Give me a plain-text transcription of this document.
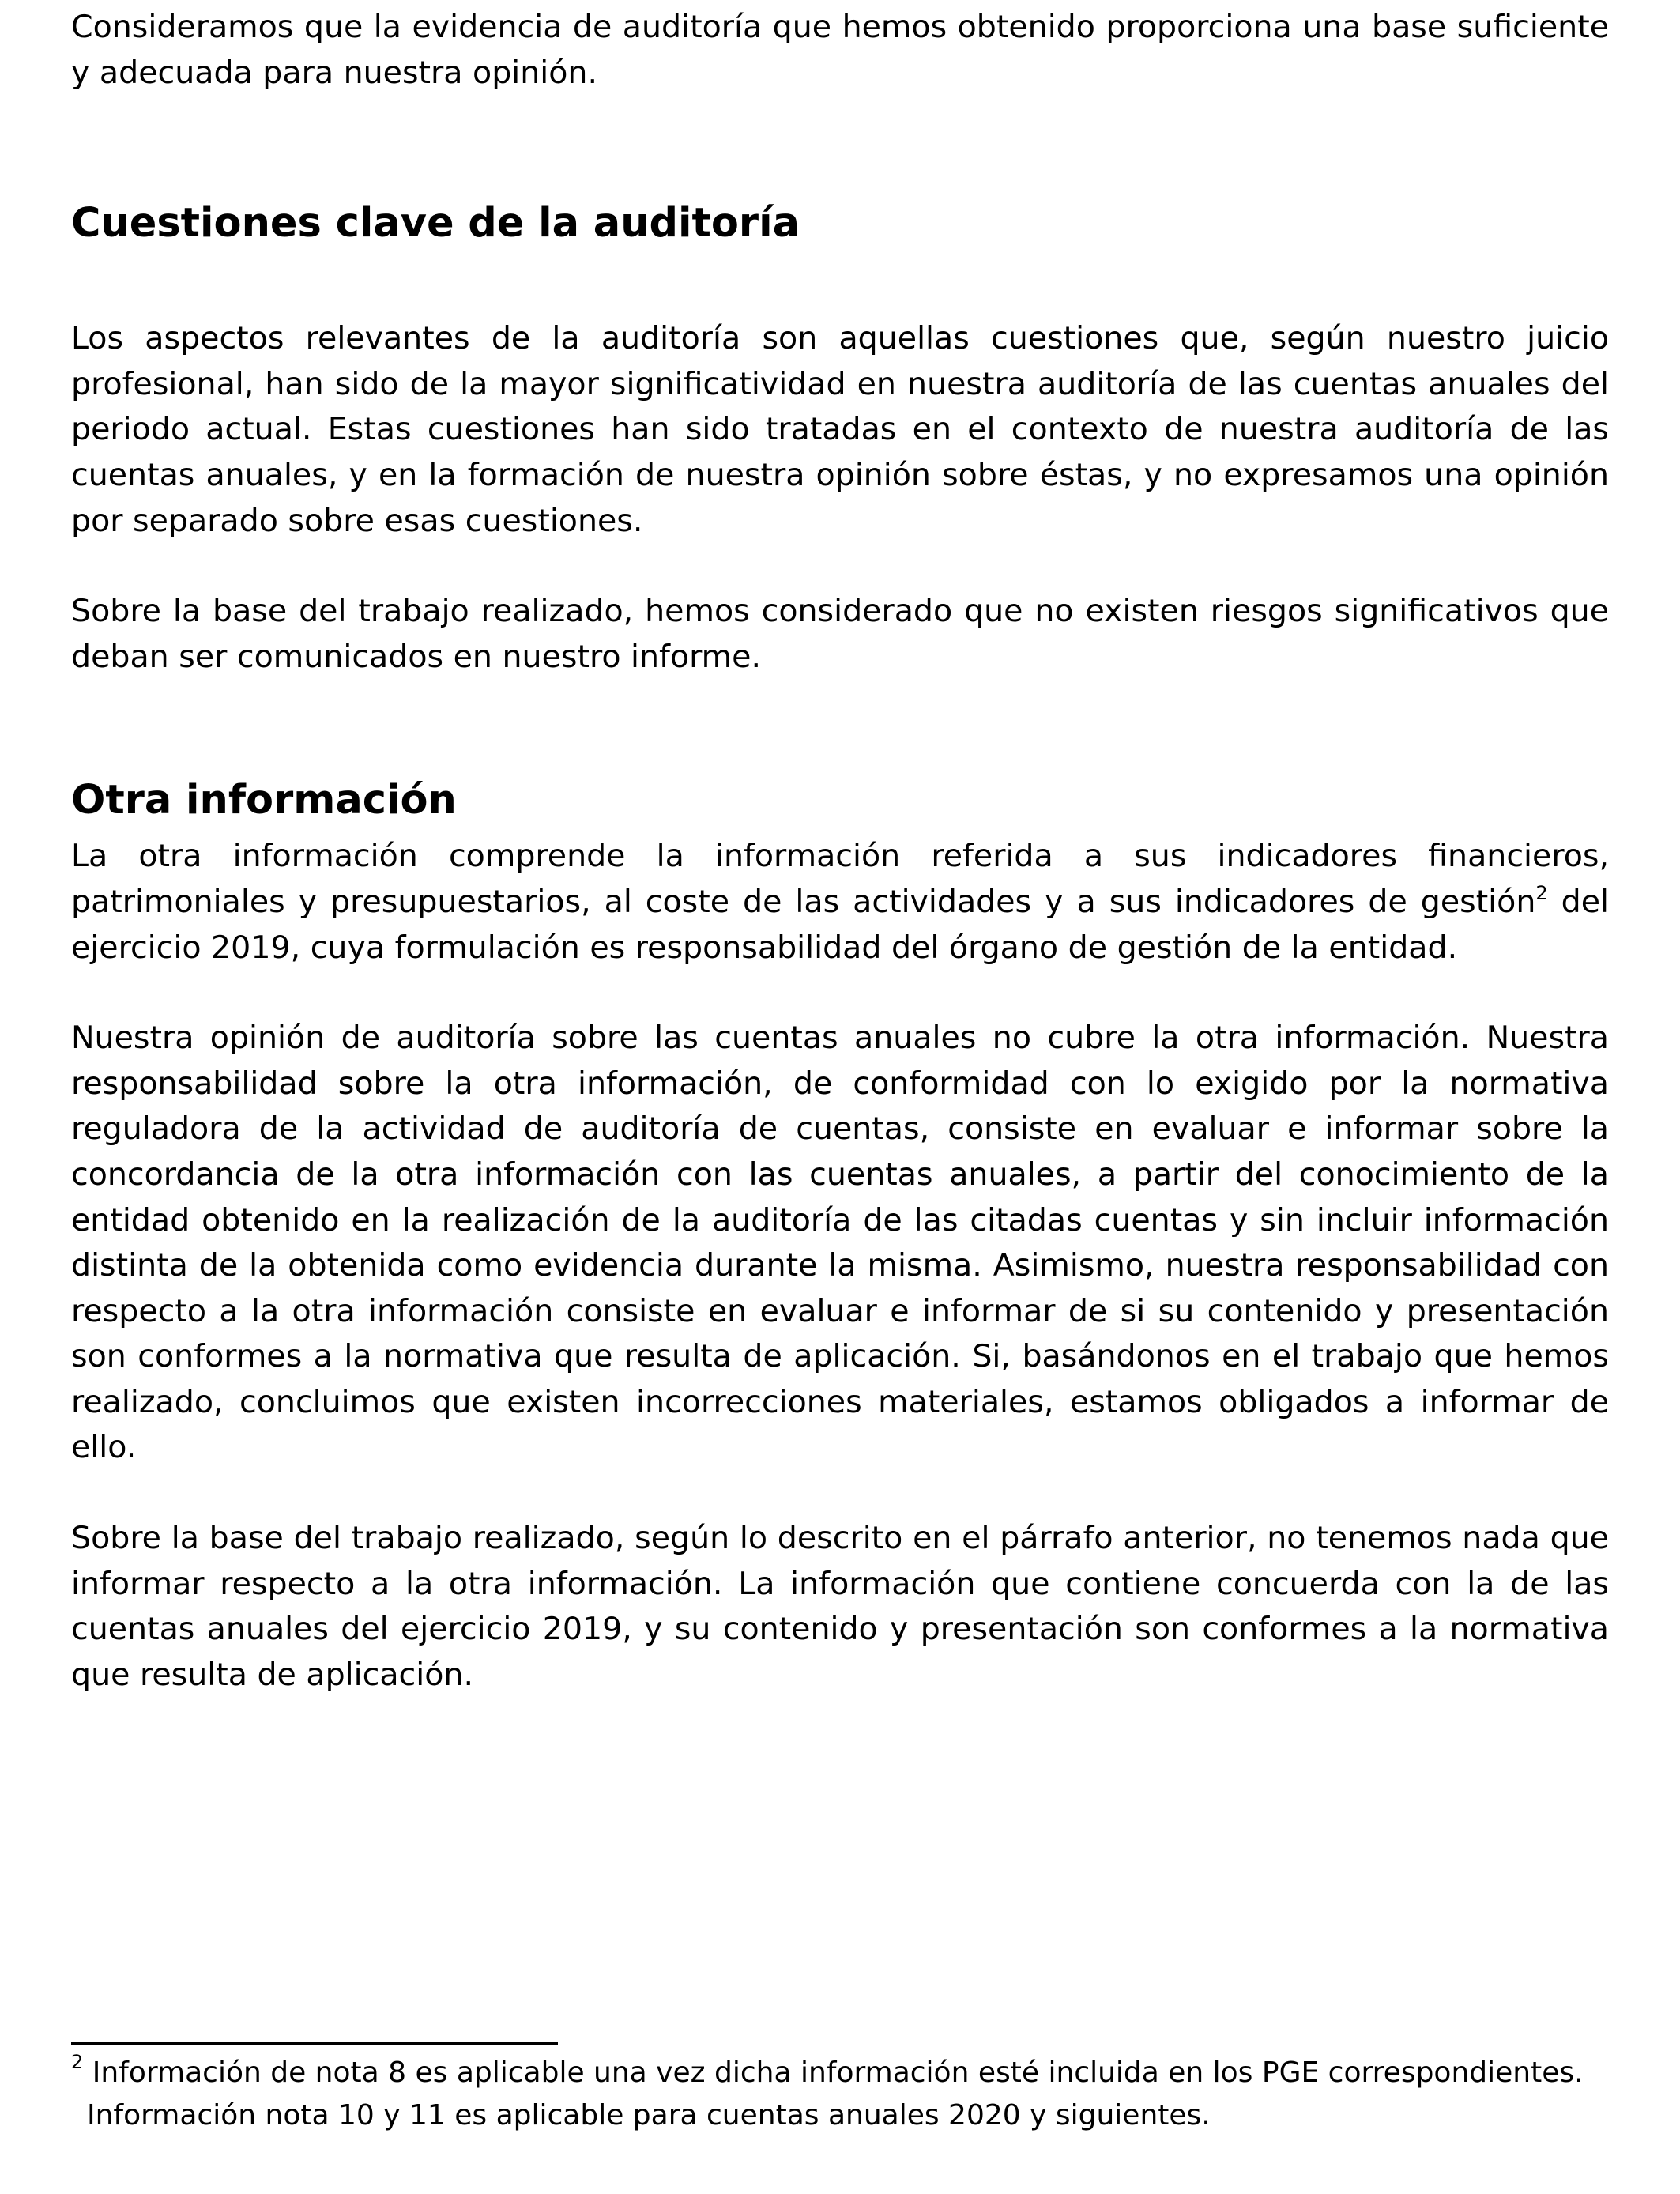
Consideramos que la evidencia de auditoría que hemos obtenido proporciona una base suficiente y adecuada para nuestra opinión.

Cuestiones clave de la auditoría

Los aspectos relevantes de la auditoría son aquellas cuestiones que, según nuestro juicio profesional, han sido de la mayor significatividad en nuestra auditoría de las cuentas anuales del periodo actual. Estas cuestiones han sido tratadas en el contexto de nuestra auditoría de las cuentas anuales, y en la formación de nuestra opinión sobre éstas, y no expresamos una opinión por separado sobre esas cuestiones.

Sobre la base del trabajo realizado, hemos considerado que no existen riesgos significativos que deban ser comunicados en nuestro informe.

Otra información

La otra información comprende la información referida a sus indicadores financieros, patrimoniales y presupuestarios, al coste de las actividades y a sus indicadores de gestión$^2$ del ejercicio 2019, cuya formulación es responsabilidad del órgano de gestión de la entidad.

Nuestra opinión de auditoría sobre las cuentas anuales no cubre la otra información. Nuestra responsabilidad sobre la otra información, de conformidad con lo exigido por la normativa reguladora de la actividad de auditoría de cuentas, consiste en evaluar e informar sobre la concordancia de la otra información con las cuentas anuales, a partir del conocimiento de la entidad obtenido en la realización de la auditoría de las citadas cuentas y sin incluir información distinta de la obtenida como evidencia durante la misma. Asimismo, nuestra responsabilidad con respecto a la otra información consiste en evaluar e informar de si su contenido y presentación son conformes a la normativa que resulta de aplicación. Si, basándonos en el trabajo que hemos realizado, concluimos que existen incorrecciones materiales, estamos obligados a informar de ello.

Sobre la base del trabajo realizado, según lo descrito en el párrafo anterior, no tenemos nada que informar respecto a la otra información. La información que contiene concuerda con la de las cuentas anuales del ejercicio 2019, y su contenido y presentación son conformes a la normativa que resulta de aplicación.

$^2$ Información de nota 8 es aplicable una vez dicha información esté incluida en los PGE correspondientes.
Información nota 10 y 11 es aplicable para cuentas anuales 2020 y siguientes.
